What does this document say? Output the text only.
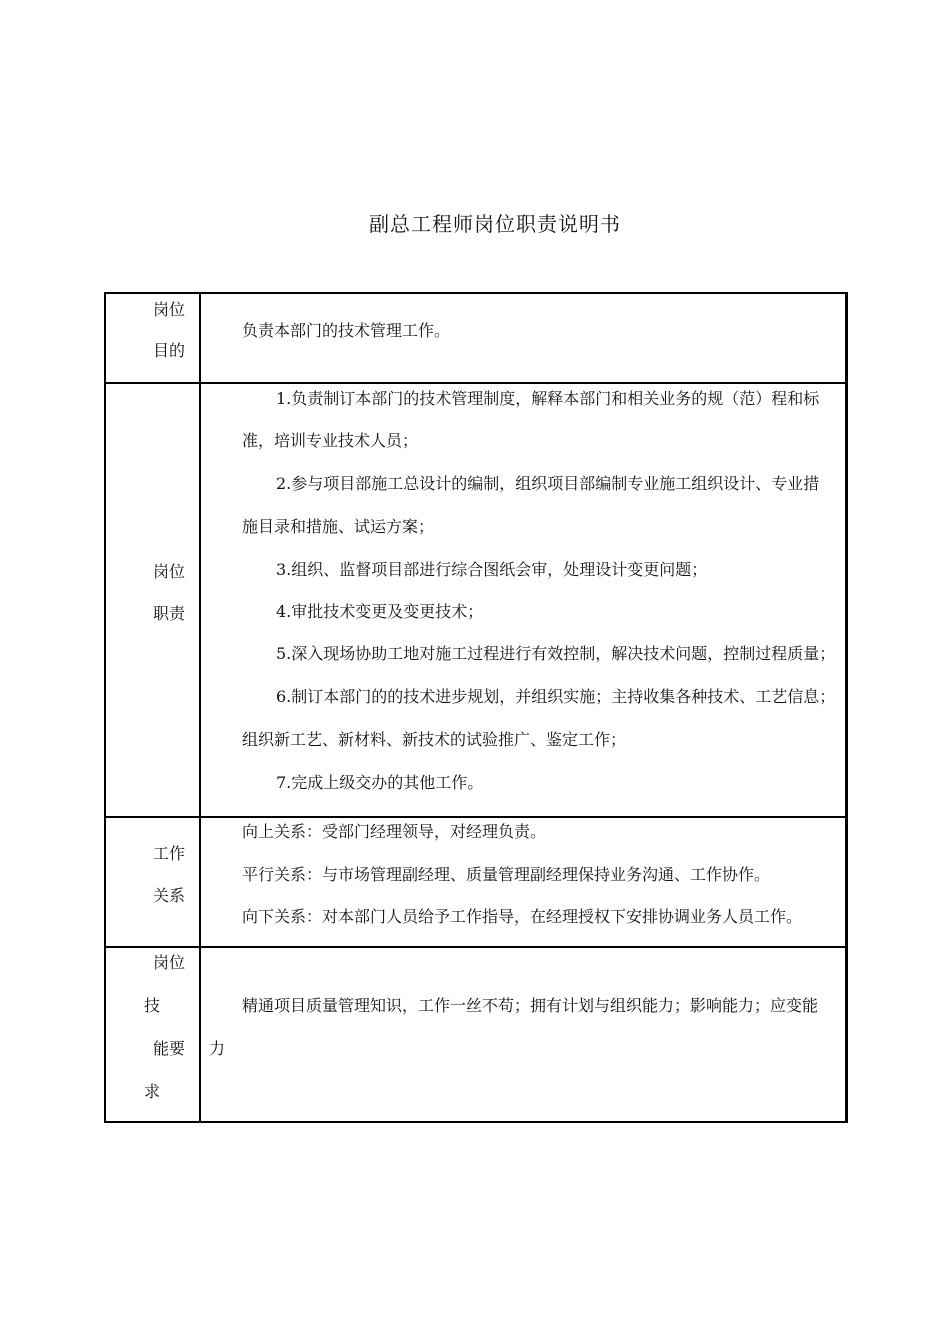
副总工程师岗位职责说明书
岗位
目的
负责本部门的技术管理工作。
岗位
职责
1.负责制订本部门的技术管理制度，解释本部门和相关业务的规（范）程和标
准，培训专业技术人员；
2.参与项目部施工总设计的编制，组织项目部编制专业施工组织设计、专业措
施目录和措施、试运方案；
3.组织、监督项目部进行综合图纸会审，处理设计变更问题；
4.审批技术变更及变更技术；
5.深入现场协助工地对施工过程进行有效控制，解决技术问题，控制过程质量；
6.制订本部门的的技术进步规划，并组织实施；主持收集各种技术、工艺信息；
组织新工艺、新材料、新技术的试验推广、鉴定工作；
7.完成上级交办的其他工作。
工作
关系
向上关系：受部门经理领导，对经理负责。
平行关系：与市场管理副经理、质量管理副经理保持业务沟通、工作协作。
向下关系：对本部门人员给予工作指导，在经理授权下安排协调业务人员工作。
岗位
技
能要
求
精通项目质量管理知识，工作一丝不苟；拥有计划与组织能力；影响能力；应变能
力
